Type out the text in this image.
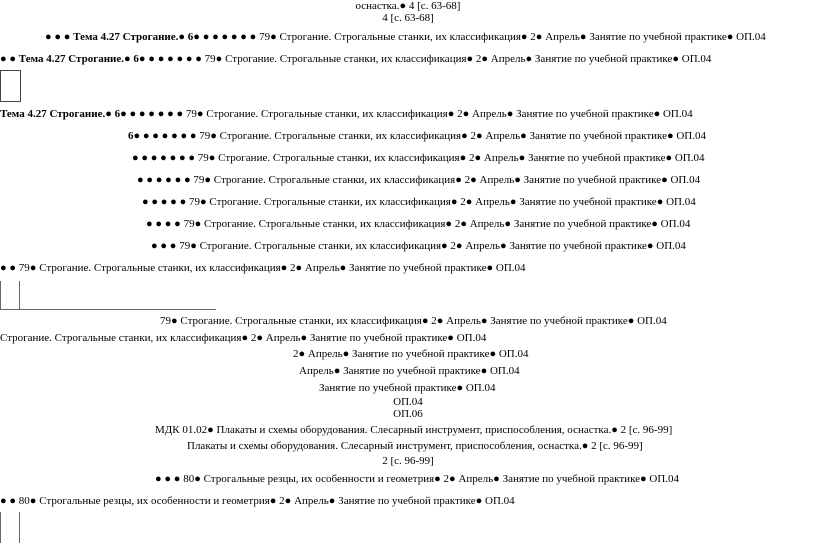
оснастка.● 4 [с. 63-68]
4 [с. 63-68]
● ● ● Тема 4.27 Строгание.● 6● ● ● ● ● ● ● 79● Строгание. Строгальные станки, их классификация● 2● Апрель● Занятие по учебной практике● ОП.04
● ● Тема 4.27 Строгание.● 6● ● ● ● ● ● ● 79● Строгание. Строгальные станки, их классификация● 2● Апрель● Занятие по учебной практике● ОП.04
Тема 4.27 Строгание.● 6● ● ● ● ● ● ● 79● Строгание. Строгальные станки, их классификация● 2● Апрель● Занятие по учебной практике● ОП.04
6● ● ● ● ● ● ● 79● Строгание. Строгальные станки, их классификация● 2● Апрель● Занятие по учебной практике● ОП.04
● ● ● ● ● ● ● 79● Строгание. Строгальные станки, их классификация● 2● Апрель● Занятие по учебной практике● ОП.04
● ● ● ● ● ● 79● Строгание. Строгальные станки, их классификация● 2● Апрель● Занятие по учебной практике● ОП.04
● ● ● ● ● 79● Строгание. Строгальные станки, их классификация● 2● Апрель● Занятие по учебной практике● ОП.04
● ● ● ● 79● Строгание. Строгальные станки, их классификация● 2● Апрель● Занятие по учебной практике● ОП.04
● ● ● 79● Строгание. Строгальные станки, их классификация● 2● Апрель● Занятие по учебной практике● ОП.04
● ● 79● Строгание. Строгальные станки, их классификация● 2● Апрель● Занятие по учебной практике● ОП.04
79● Строгание. Строгальные станки, их классификация● 2● Апрель● Занятие по учебной практике● ОП.04
Строгание. Строгальные станки, их классификация● 2● Апрель● Занятие по учебной практике● ОП.04
2● Апрель● Занятие по учебной практике● ОП.04
Апрель● Занятие по учебной практике● ОП.04
Занятие по учебной практике● ОП.04
ОП.04
ОП.06
МДК 01.02● Плакаты и схемы оборудования. Слесарный инструмент, приспособления, оснастка.● 2 [с. 96-99]
Плакаты и схемы оборудования. Слесарный инструмент, приспособления, оснастка.● 2 [с. 96-99]
2 [с. 96-99]
● ● ● 80● Строгальные резцы, их особенности и геометрия● 2● Апрель● Занятие по учебной практике● ОП.04
● ● 80● Строгальные резцы, их особенности и геометрия● 2● Апрель● Занятие по учебной практике● ОП.04
